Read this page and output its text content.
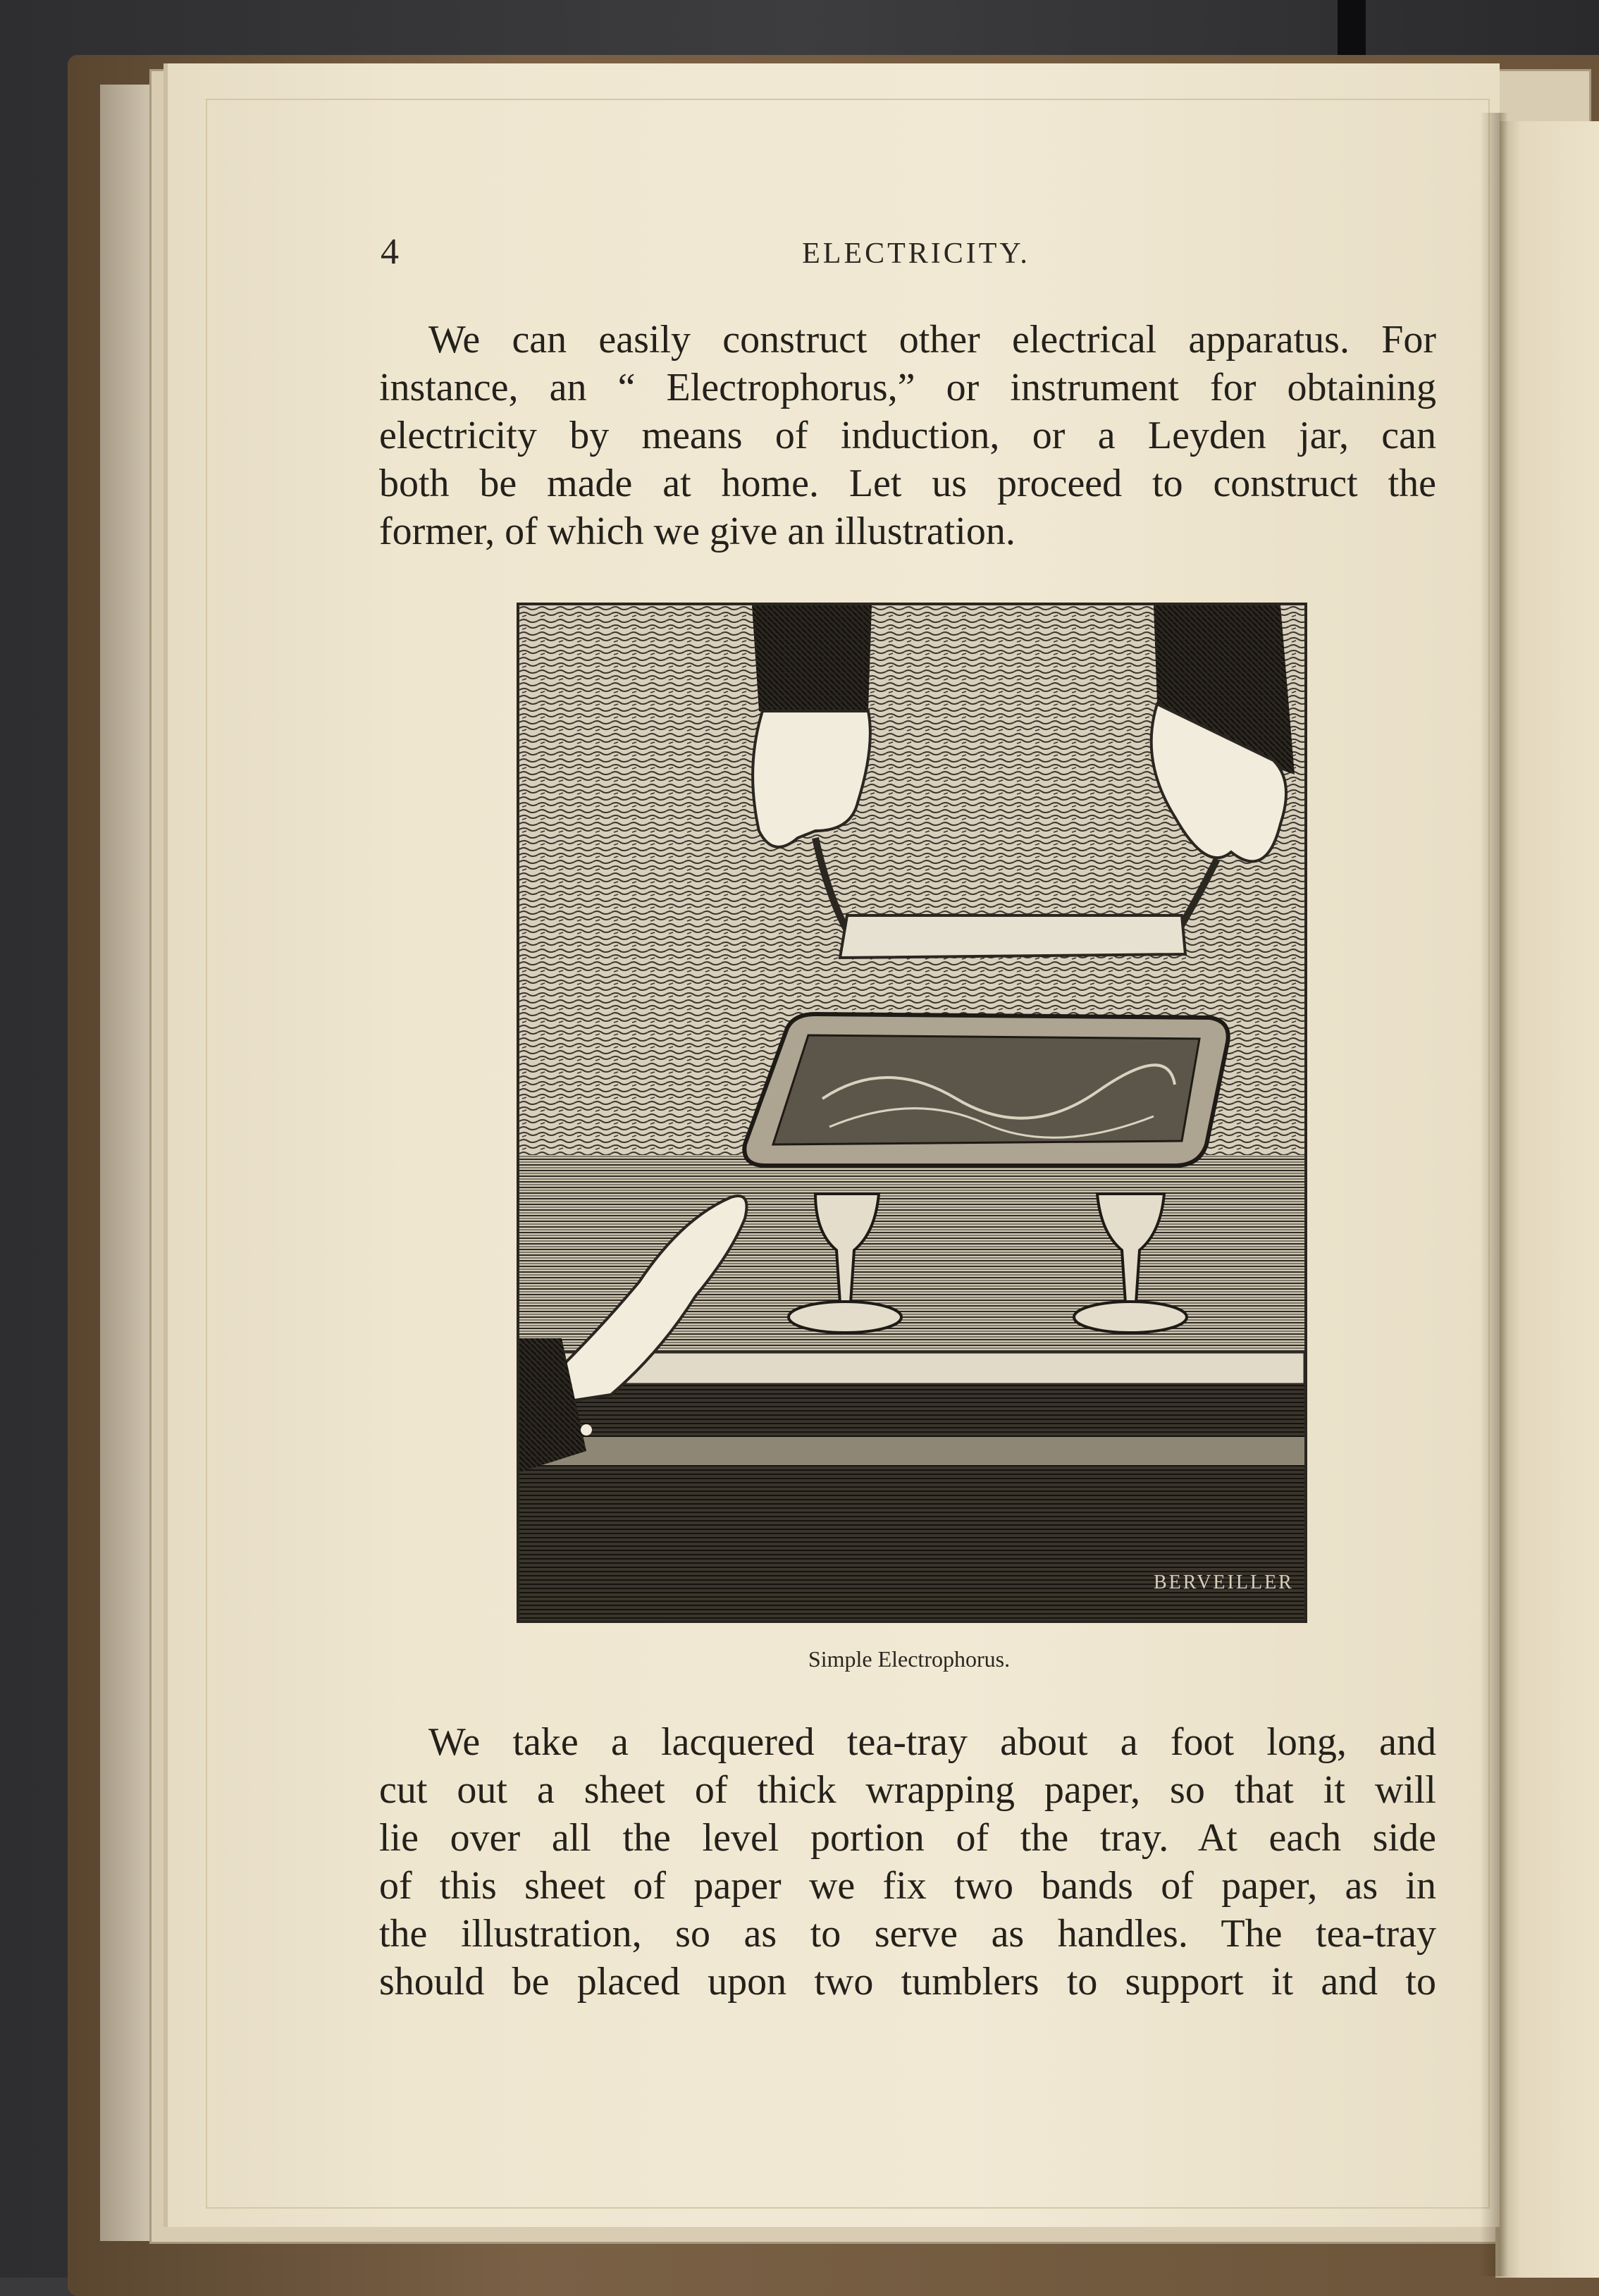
4	ELECTRICITY.

We can easily construct other electrical apparatus. For
instance, an “ Electrophorus,” or instrument for obtaining
electricity by means of induction, or a Leyden jar, can
both be made at home. Let us proceed to construct the
former, of which we give an illustration.

BERVEILLER
Simple Electrophorus.

We take a lacquered tea-tray about a foot long, and
cut out a sheet of thick wrapping paper, so that it will
lie over all the level portion of the tray. At each side
of this sheet of paper we fix two bands of paper, as in
the illustration, so as to serve as handles. The tea-tray
should be placed upon two tumblers to support it and to
